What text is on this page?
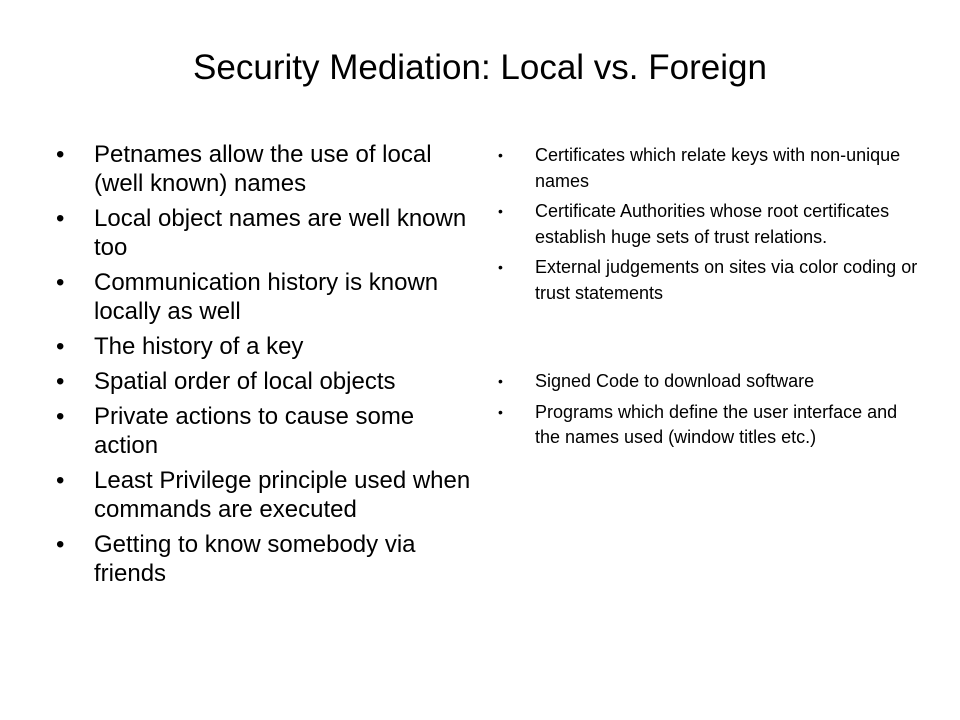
Security Mediation: Local vs. Foreign
• Petnames allow the use of local (well known) names
• Local object names are well known too
• Communication history is known locally as well
• The history of a key
• Spatial order of local objects
• Private actions to cause some action
• Least Privilege principle used when commands are executed
• Getting to know somebody via friends
• Certificates which relate keys with non-unique names
• Certificate Authorities whose root certificates establish huge sets of trust relations.
• External judgements on sites via color coding or trust statements
• Signed Code to download software
• Programs which define the user interface and the names used (window titles etc.)
